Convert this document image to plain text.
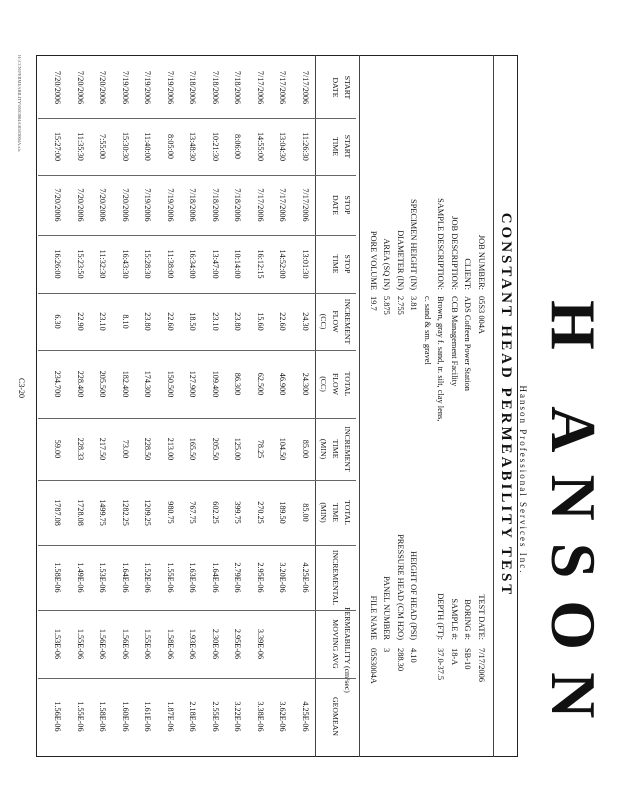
H ANSON
Hanson Professional Services Inc.
CONSTANT HEAD PERMEABILITY TEST
JOB NUMBER:
05S3 004A
CLIENT:
ADS Coffeen Power Station
JOB DESCRIPTION:
CCB Management Facility
SAMPLE DESCRIPTION:
Brown, gray f. sand, tr. silt, clay lens,
c. sand & sm. gravel
SPECIMEN HEIGHT (IN)
3.81
DIAMETER (IN)
2.755
AREA (SQ IN)
5.875
PORE VOLUME
19.7
TEST DATE:
7/17/2006
BORING #:
SB-10
SAMPLE #:
18-A
DEPTH (FT):
37.0-37.5
HEIGHT OF HEAD (PSI)
4.10
PRESSURE HEAD (CM H2O)
288.30
PANEL NUMBER
3
FILE NAME
05S3004A
START
DATE
START
TIME
STOP
DATE
STOP
TIME
INCREMENT
FLOW
(CC)
TOTAL
FLOW
(CC)
INCREMENT
TIME
(MIN)
TOTAL
TIME
(MIN)
PERMEABILITY (cm/sec)
INCREMENTAL
MOVING AVG
GEOMEAN
7/17/2006
11:26:30
7/17/2006
13:01:30
24.30
24.300
85.00
85.00
4.25E-06
4.25E-06
7/17/2006
13:04:30
7/17/2006
14:52:00
22.60
46.900
104.50
189.50
3.20E-06
3.62E-06
7/17/2006
14:55:00
7/17/2006
16:12:15
15.60
62.500
78.25
270.25
2.95E-06
3.39E-06
3.38E-06
7/18/2006
8:06:00
7/18/2006
10:14:00
23.80
86.300
125.00
399.75
2.79E-06
2.95E-06
3.22E-06
7/18/2006
10:21:30
7/18/2006
13:47:00
23.10
109.400
205.50
602.25
1.64E-06
2.30E-06
2.55E-06
7/18/2006
13:48:30
7/18/2006
16:34:00
18.50
127.900
165.50
767.75
1.63E-06
1.93E-06
2.18E-06
7/19/2006
8:05:00
7/19/2006
11:38:00
22.60
150.500
213.00
980.75
1.55E-06
1.58E-06
1.87E-06
7/19/2006
11:40:00
7/19/2006
15:28:30
23.80
174.300
228.50
1209.25
1.52E-06
1.55E-06
1.61E-06
7/19/2006
15:30:30
7/20/2006
16:43:30
8.10
182.400
73.00
1282.25
1.64E-06
1.56E-06
1.60E-06
7/20/2006
7:55:00
7/20/2006
11:32:30
23.10
205.500
217.50
1499.75
1.53E-06
1.56E-06
1.58E-06
7/20/2006
11:35:30
7/20/2006
15:23:50
22.90
228.400
228.33
1728.08
1.49E-06
1.55E-06
1.55E-06
7/20/2006
15:27:00
7/20/2006
16:26:00
6.30
234.700
59.00
1787.08
1.58E-06
1.53E-06
1.56E-06
H:\CCN\PERMEABILITY\05S3004A\05S3004A.xls
C3-20
